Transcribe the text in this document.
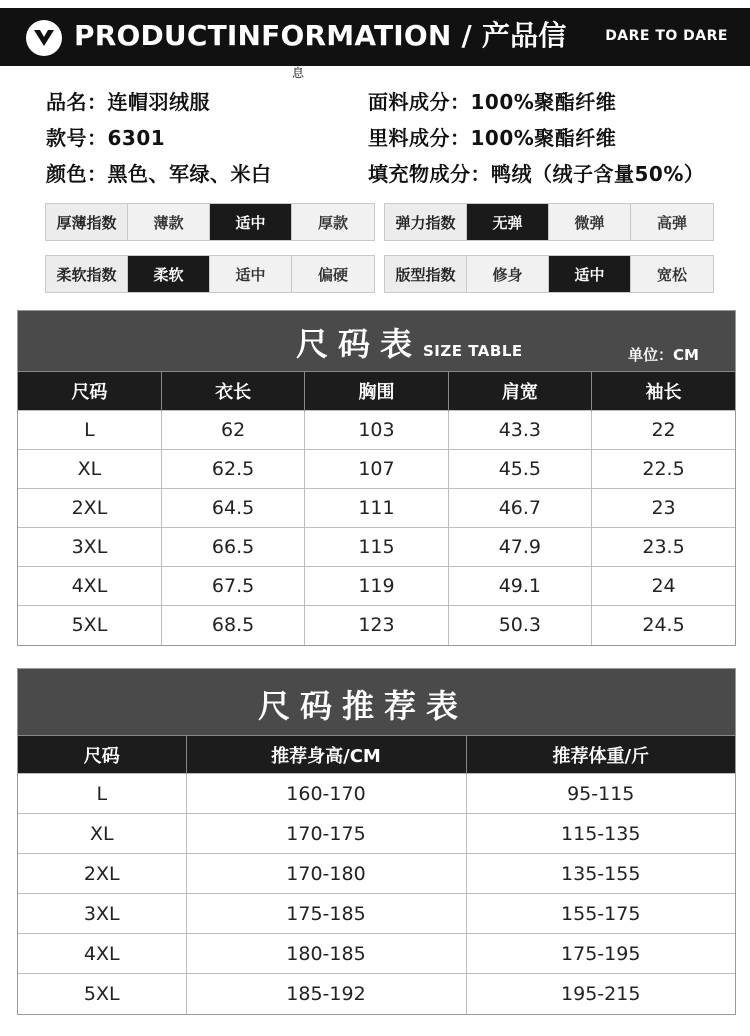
PRODUCTINFORMATION / 产品信	DARE TO DARE
息
品名：连帽羽绒服
款号：6301
颜色：黑色、军绿、米白
面料成分：100%聚酯纤维
里料成分：100%聚酯纤维
填充物成分：鸭绒（绒子含量50%）
厚薄指数	薄款	适中	厚款	弹力指数	无弹	微弹	高弹
柔软指数	柔软	适中	偏硬	版型指数	修身	适中	宽松
尺码表 SIZE TABLE	单位：CM
尺码	衣长	胸围	肩宽	袖长
L	62	103	43.3	22
XL	62.5	107	45.5	22.5
2XL	64.5	111	46.7	23
3XL	66.5	115	47.9	23.5
4XL	67.5	119	49.1	24
5XL	68.5	123	50.3	24.5
尺码推荐表
尺码	推荐身高/CM	推荐体重/斤
L	160-170	95-115
XL	170-175	115-135
2XL	170-180	135-155
3XL	175-185	155-175
4XL	180-185	175-195
5XL	185-192	195-215
